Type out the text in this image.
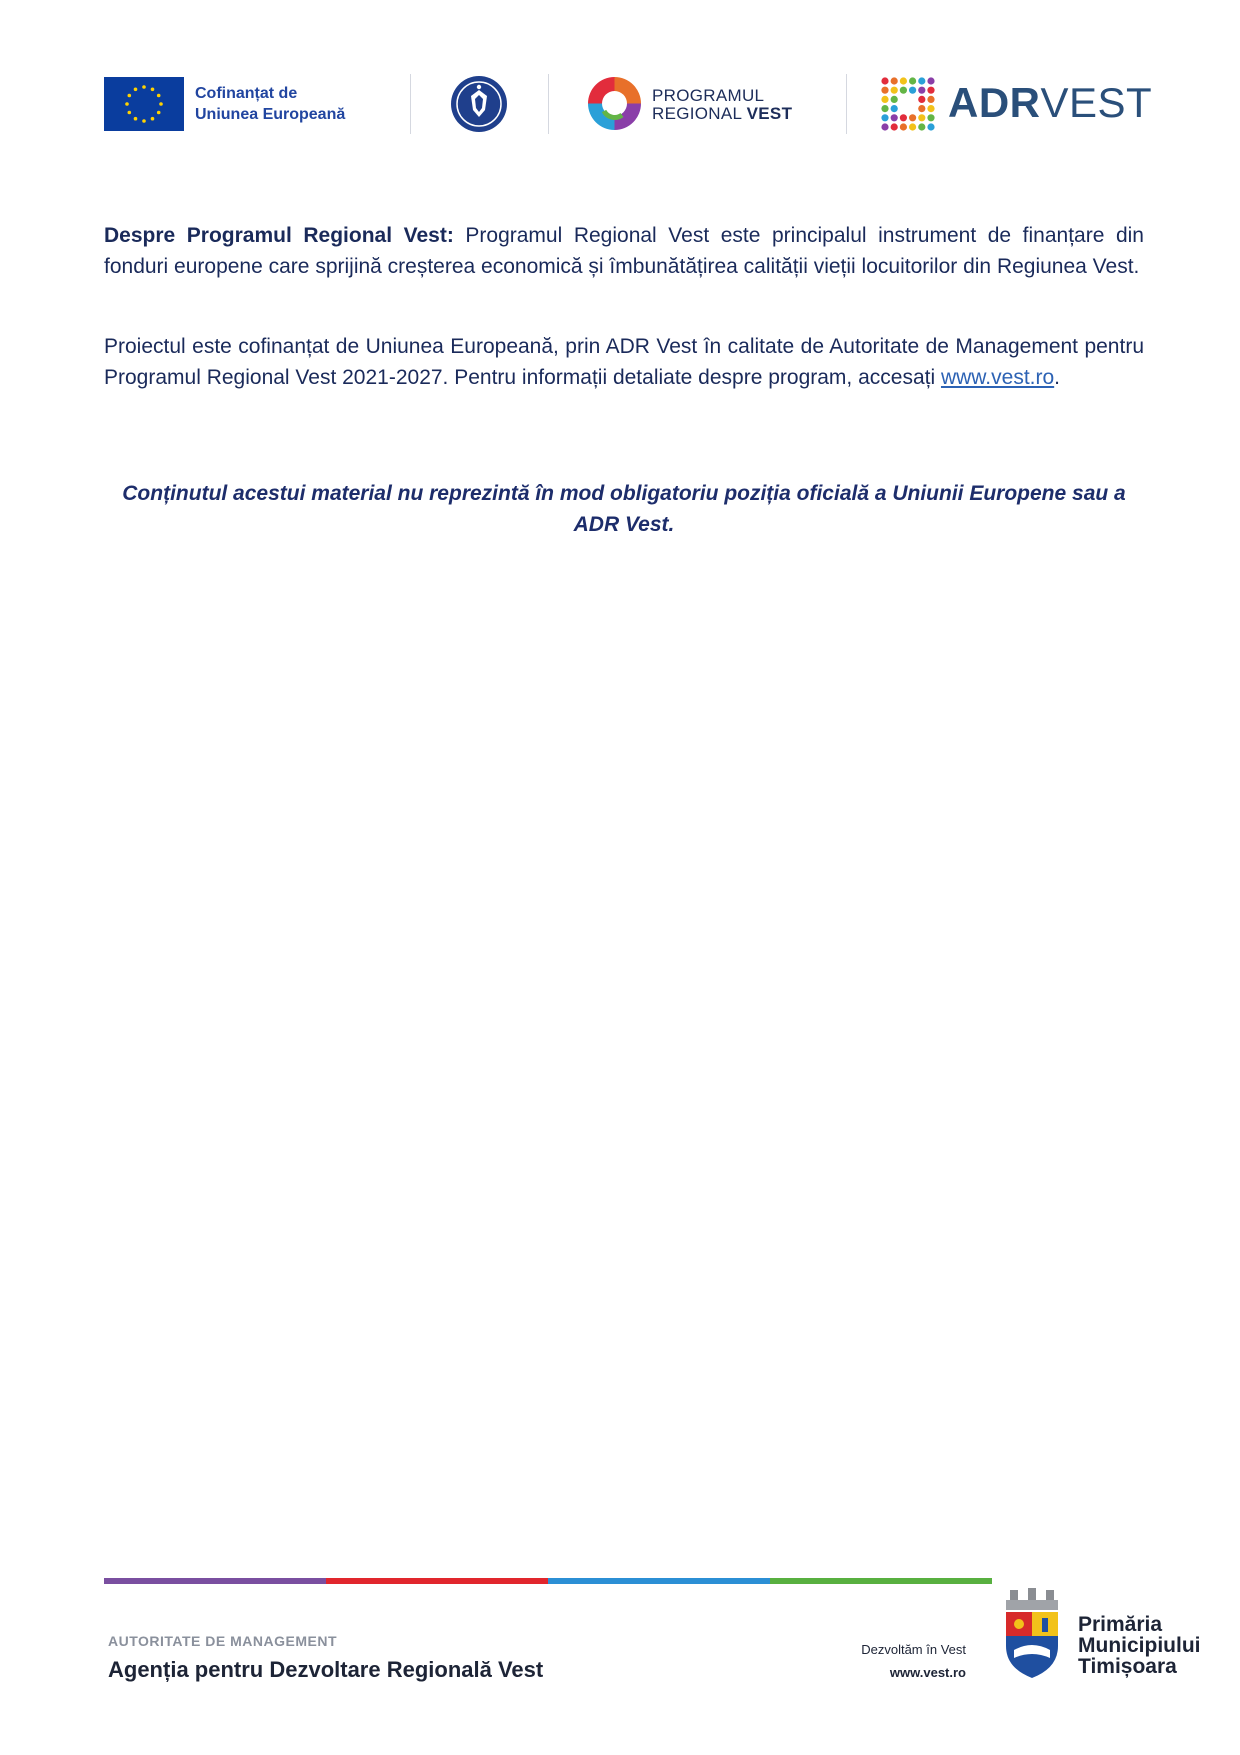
Cofinanțat de
Uniunea Europeană
PROGRAMUL
REGIONAL VEST	ADRVEST
Despre Programul Regional Vest: Programul Regional Vest este principalul instrument de finanțare din fonduri europene care sprijină creșterea economică și îmbunătățirea calității vieții locuitorilor din Regiunea Vest.
Proiectul este cofinanțat de Uniunea Europeană, prin ADR Vest în calitate de Autoritate de Management pentru Programul Regional Vest 2021-2027. Pentru informații detaliate despre program, accesați www.vest.ro.
Conținutul acestui material nu reprezintă în mod obligatoriu poziția oficială a Uniunii Europene sau a ADR Vest.
AUTORITATE DE MANAGEMENT
Agenția pentru Dezvoltare Regională Vest
Dezvoltăm în Vest
www.vest.ro
Primăria
Municipiului
Timișoara
